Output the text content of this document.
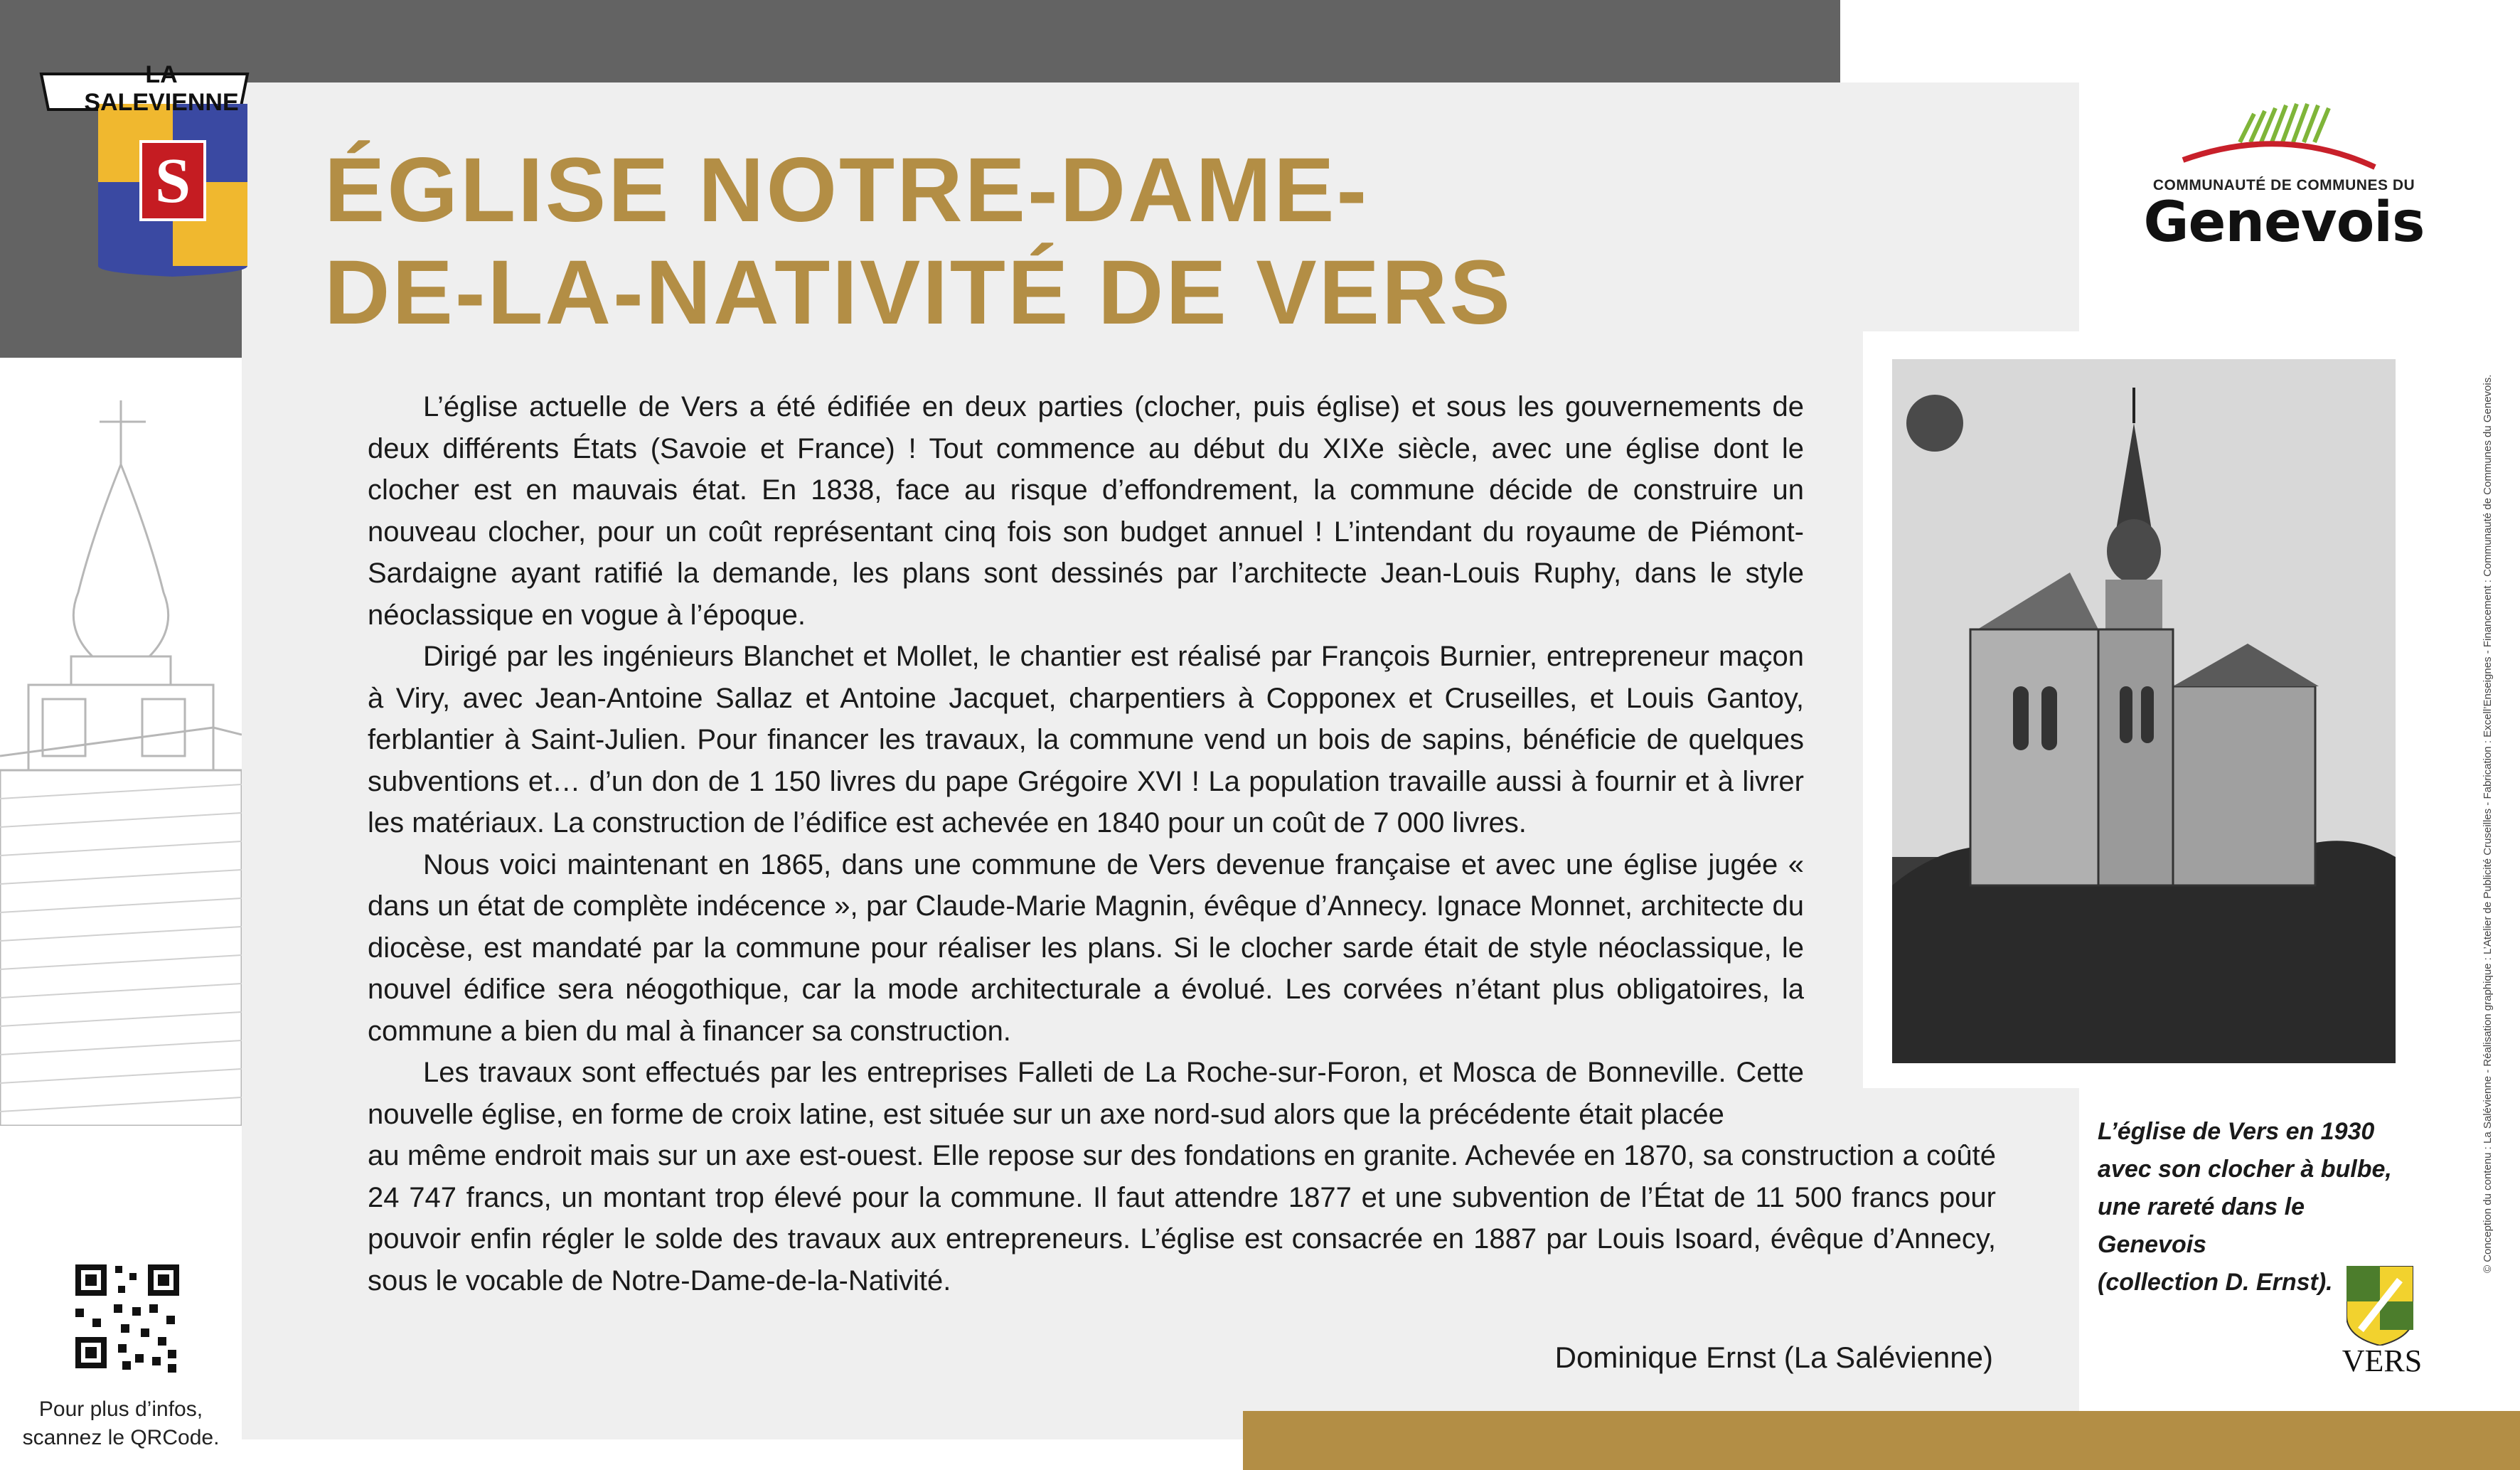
S
LA SALEVIENNE
ÉGLISE NOTRE-DAME-
DE-LA-NATIVITÉ DE VERS

L’église actuelle de Vers a été édifiée en deux parties (clocher, puis église) et sous les gouvernements de deux différents États (Savoie et France) ! Tout commence au début du XIXe siècle, avec une église dont le clocher est en mauvais état. En 1838, face au risque d’effondrement, la commune décide de construire un nouveau clocher, pour un coût représentant cinq fois son budget annuel ! L’intendant du royaume de Piémont-Sardaigne ayant ratifié la demande, les plans sont dessinés par l’architecte Jean-Louis Ruphy, dans le style néoclassique en vogue à l’époque.

Dirigé par les ingénieurs Blanchet et Mollet, le chantier est réalisé par François Burnier, entrepreneur maçon à Viry, avec Jean-Antoine Sallaz et Antoine Jacquet, charpentiers à Copponex et Cruseilles, et Louis Gantoy, ferblantier à Saint-Julien. Pour financer les travaux, la commune vend un bois de sapins, bénéficie de quelques subventions et… d’un don de 1 150 livres du pape Grégoire XVI ! La population travaille aussi à fournir et à livrer les matériaux. La construction de l’édifice est achevée en 1840 pour un coût de 7 000 livres.

Nous voici maintenant en 1865, dans une commune de Vers devenue française et avec une église jugée « dans un état de complète indécence », par Claude-Marie Magnin, évêque d’Annecy. Ignace Monnet, architecte du diocèse, est mandaté par la commune pour réaliser les plans. Si le clocher sarde était de style néoclassique, le nouvel édifice sera néogothique, car la mode architecturale a évolué. Les corvées n’étant plus obligatoires, la commune a bien du mal à financer sa construction.

Les travaux sont effectués par les entreprises Falleti de La Roche-sur-Foron, et Mosca de Bonneville. Cette nouvelle église, en forme de croix latine, est située sur un axe nord-sud alors que la précédente était placée

au même endroit mais sur un axe est-ouest. Elle repose sur des fondations en granite. Achevée en 1870, sa construction a coûté 24 747 francs, un montant trop élevé pour la commune. Il faut attendre 1877 et une subvention de l’État de 11 500 francs pour pouvoir enfin régler le solde des travaux aux entrepreneurs. L’église est consacrée en 1887 par Louis Isoard, évêque d’Annecy, sous le vocable de Notre-Dame-de-la-Nativité.

Dominique Ernst (La Salévienne)
L’église de Vers en 1930
avec son clocher à bulbe,
une rareté dans le Genevois
(collection D. Ernst).
COMMUNAUTÉ DE COMMUNES DU
Genevois
VERS
Pour plus d’infos,
scannez le QRCode.
© Conception du contenu : La Salévienne - Réalisation graphique : L’Atelier de Publicité Cruseilles - Fabrication : Excell’Enseignes - Financement : Communauté de Communes du Genevois.
